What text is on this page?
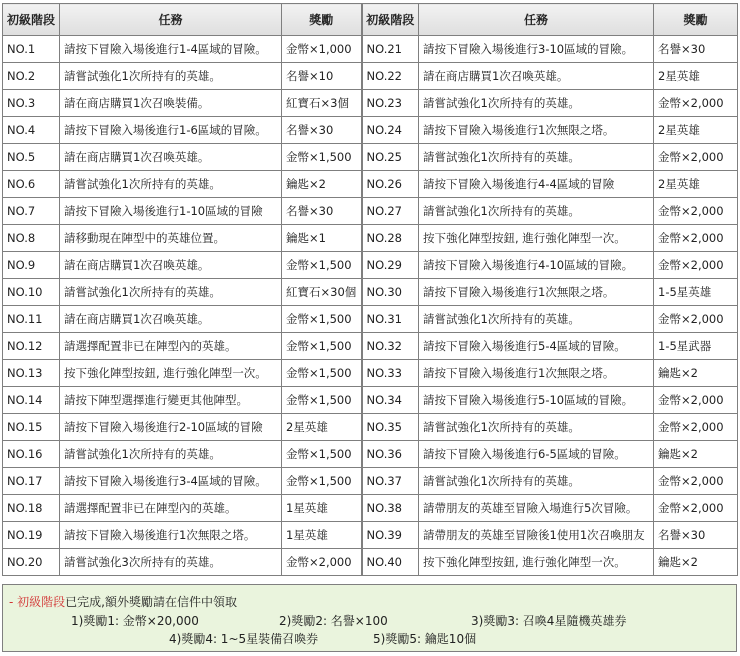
初級階段	任務	獎勵	初級階段	任務	獎勵
NO.1	請按下冒險入場後進行1-4區域的冒險。	金幣×1,000	NO.21	請按下冒險入場後進行3-10區域的冒險。	名譽×30
NO.2	請嘗試強化1次所持有的英雄。	名譽×10	NO.22	請在商店購買1次召喚英雄。	2星英雄
NO.3	請在商店購買1次召喚裝備。	紅寶石×3個	NO.23	請嘗試強化1次所持有的英雄。	金幣×2,000
NO.4	請按下冒險入場後進行1-6區域的冒險。	名譽×30	NO.24	請按下冒險入場後進行1次無限之塔。	2星英雄
NO.5	請在商店購買1次召喚英雄。	金幣×1,500	NO.25	請嘗試強化1次所持有的英雄。	金幣×2,000
NO.6	請嘗試強化1次所持有的英雄。	鑰匙×2	NO.26	請按下冒險入場後進行4-4區域的冒險	2星英雄
NO.7	請按下冒險入場後進行1-10區域的冒險	名譽×30	NO.27	請嘗試強化1次所持有的英雄。	金幣×2,000
NO.8	請移動現在陣型中的英雄位置。	鑰匙×1	NO.28	按下強化陣型按鈕, 進行強化陣型一次。	金幣×2,000
NO.9	請在商店購買1次召喚英雄。	金幣×1,500	NO.29	請按下冒險入場後進行4-10區域的冒險。	金幣×2,000
NO.10	請嘗試強化1次所持有的英雄。	紅寶石×30個	NO.30	請按下冒險入場後進行1次無限之塔。	1-5星英雄
NO.11	請在商店購買1次召喚英雄。	金幣×1,500	NO.31	請嘗試強化1次所持有的英雄。	金幣×2,000
NO.12	請選擇配置非已在陣型內的英雄。	金幣×1,500	NO.32	請按下冒險入場後進行5-4區域的冒險。	1-5星武器
NO.13	按下強化陣型按鈕, 進行強化陣型一次。	金幣×1,500	NO.33	請按下冒險入場後進行1次無限之塔。	鑰匙×2
NO.14	請按下陣型選擇進行變更其他陣型。	金幣×1,500	NO.34	請按下冒險入場後進行5-10區域的冒險。	金幣×2,000
NO.15	請按下冒險入場後進行2-10區域的冒險	2星英雄	NO.35	請嘗試強化1次所持有的英雄。	金幣×2,000
NO.16	請嘗試強化1次所持有的英雄。	金幣×1,500	NO.36	請按下冒險入場後進行6-5區域的冒險。	鑰匙×2
NO.17	請按下冒險入場後進行3-4區域的冒險。	金幣×1,500	NO.37	請嘗試強化1次所持有的英雄。	金幣×2,000
NO.18	請選擇配置非已在陣型內的英雄。	1星英雄	NO.38	請帶朋友的英雄至冒險入場進行5次冒險。	金幣×2,000
NO.19	請按下冒險入場後進行1次無限之塔。	1星英雄	NO.39	請帶朋友的英雄至冒險後1使用1次召喚朋友	名譽×30
NO.20	請嘗試強化3次所持有的英雄。	金幣×2,000	NO.40	按下強化陣型按鈕, 進行強化陣型一次。	鑰匙×2
- 初級階段已完成,額外獎勵請在信件中領取
1)獎勵1: 金幣×20,000	2)獎勵2: 名譽×100	3)獎勵3: 召喚4星隨機英雄券
4)獎勵4: 1~5星裝備召喚券	5)獎勵5: 鑰匙10個
